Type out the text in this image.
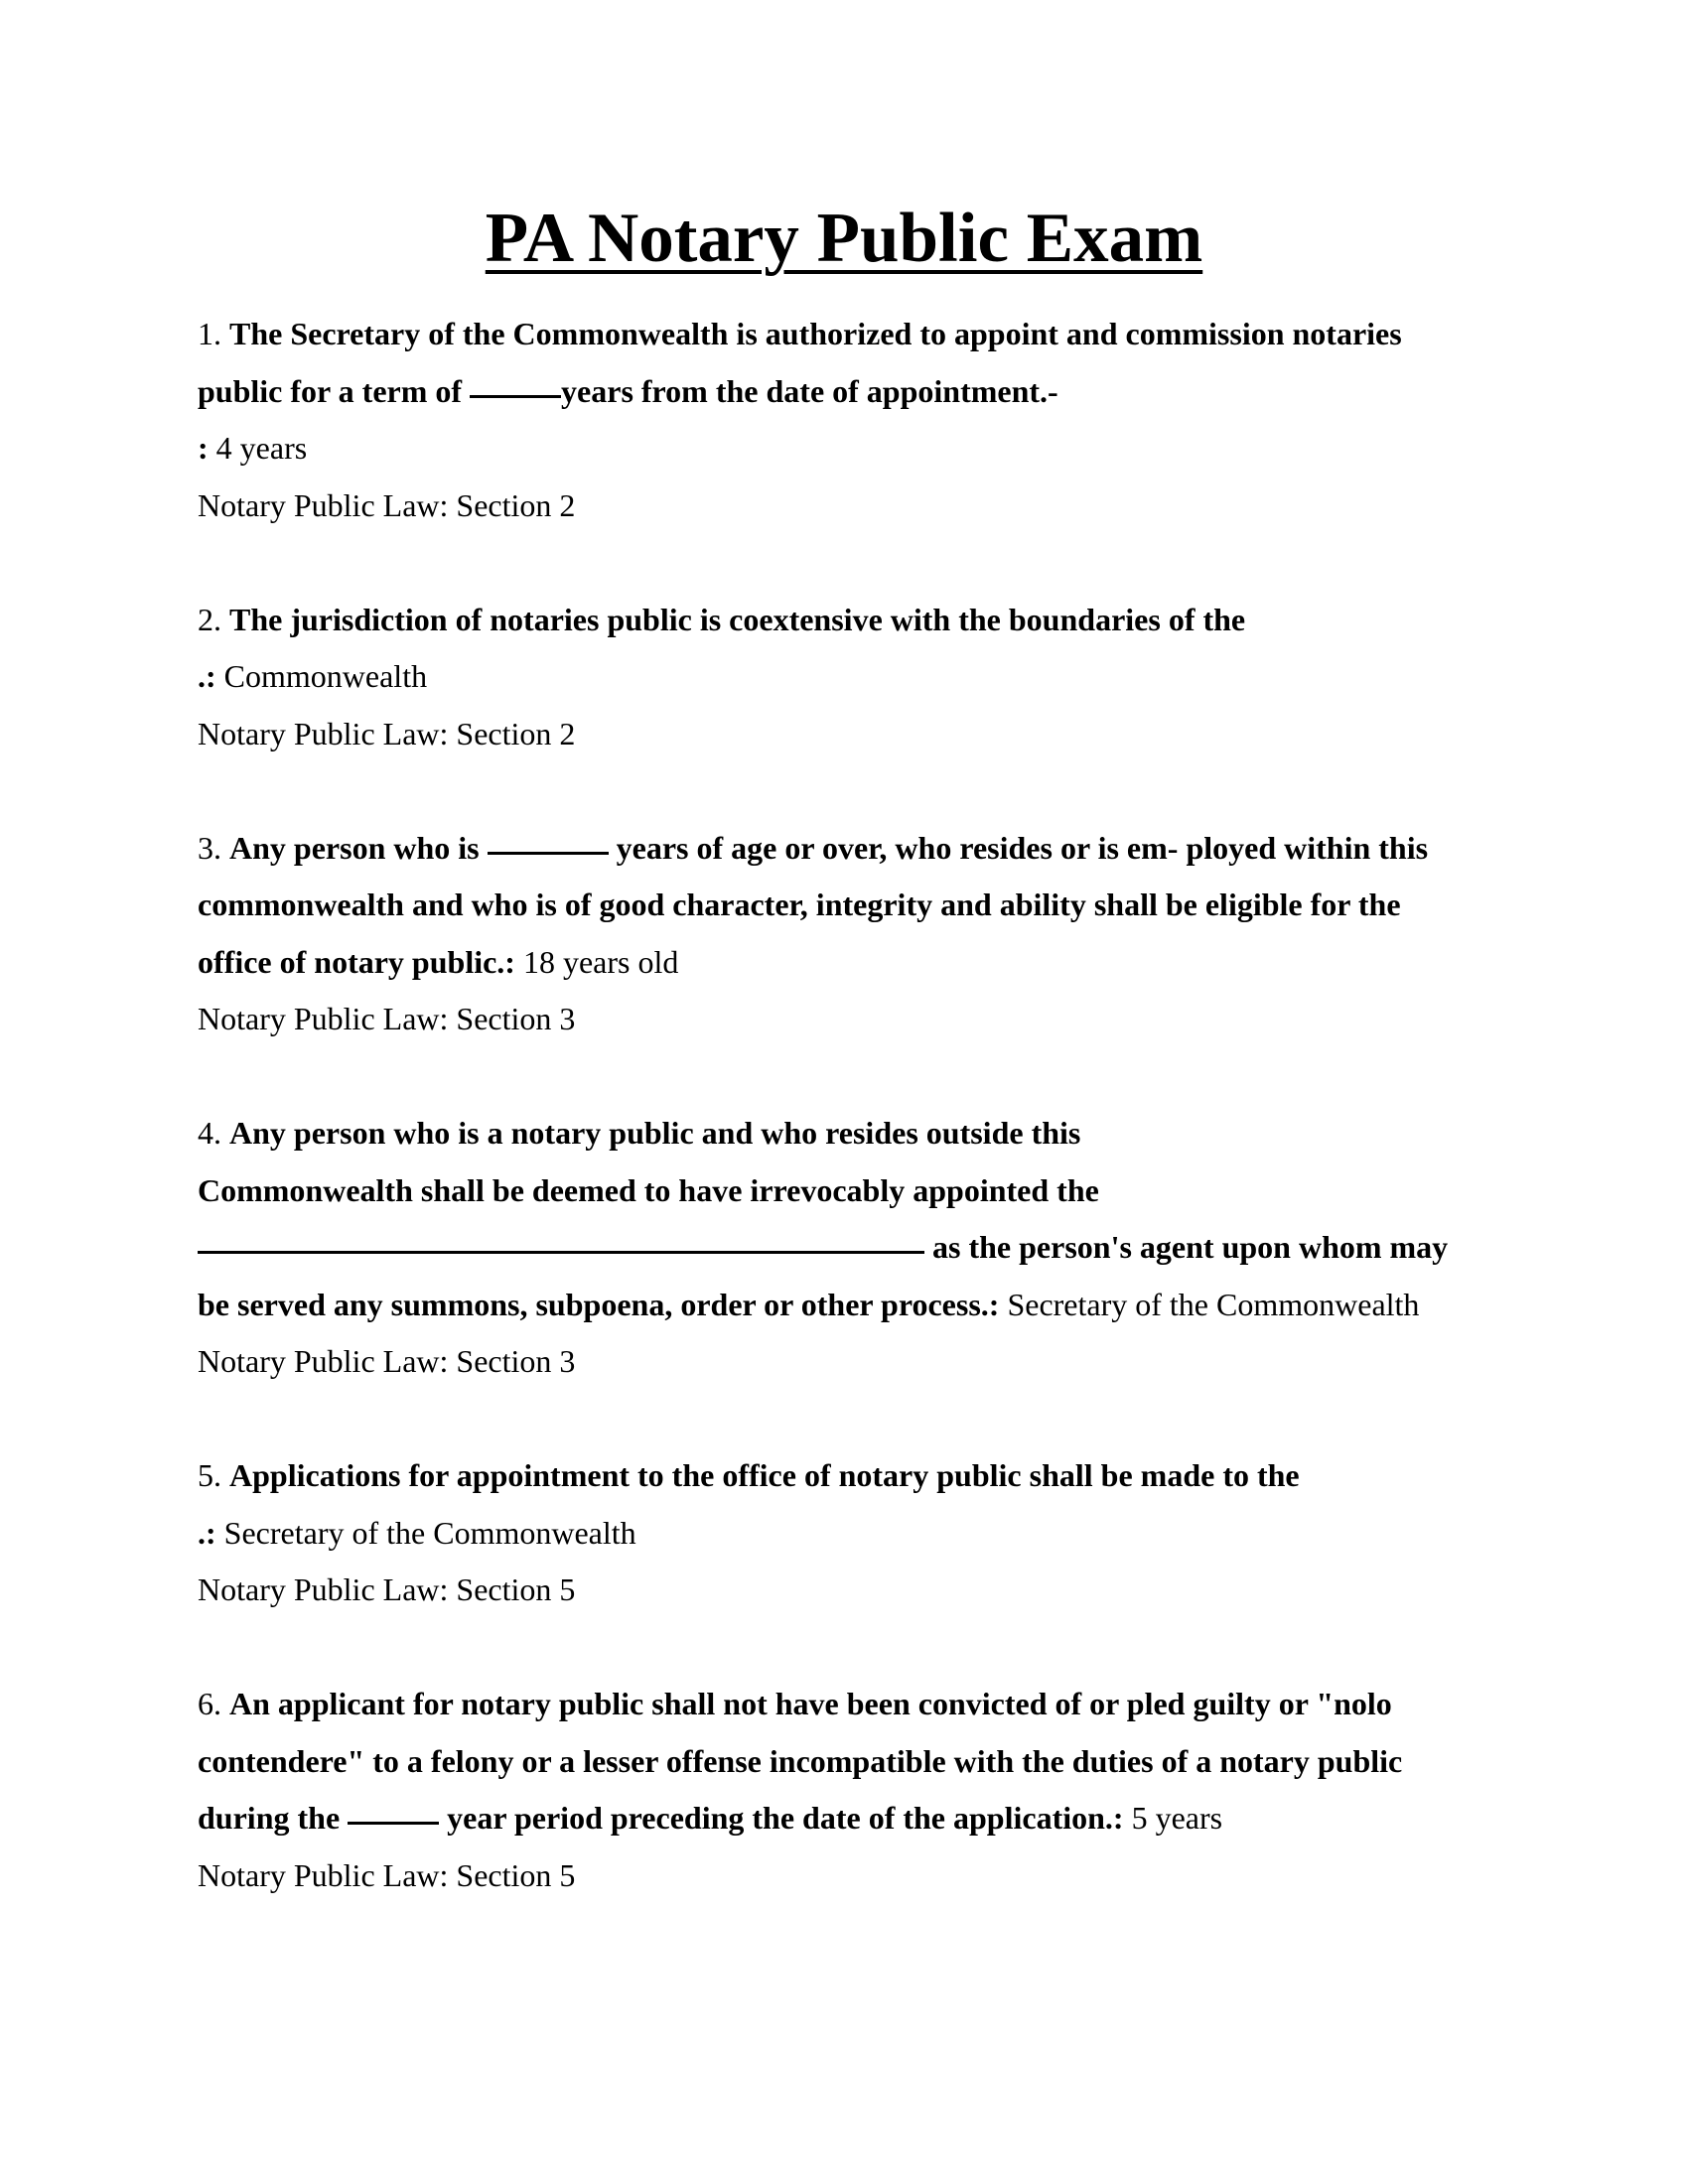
PA Notary Public Exam
1. The Secretary of the Commonwealth is authorized to appoint and commission notaries
public for a term of	years from the date of appointment.-
: 4 years
Notary Public Law: Section 2
2. The jurisdiction of notaries public is coextensive with the boundaries of the
.: Commonwealth
Notary Public Law: Section 2
3. Any person who is	years of age or over, who resides or is em- ployed within this
commonwealth and who is of good character, integrity and ability shall be eligible for the
office of notary public.: 18 years old
Notary Public Law: Section 3
4. Any person who is a notary public and who resides outside this
Commonwealth shall be deemed to have irrevocably appointed the
as the person's agent upon whom may
be served any summons, subpoena, order or other process.: Secretary of the Commonwealth
Notary Public Law: Section 3
5. Applications for appointment to the office of notary public shall be made to the
.: Secretary of the Commonwealth
Notary Public Law: Section 5
6. An applicant for notary public shall not have been convicted of or pled guilty or "nolo
contendere" to a felony or a lesser offense incompatible with the duties of a notary public
during the	year period preceding the date of the application.: 5 years
Notary Public Law: Section 5
